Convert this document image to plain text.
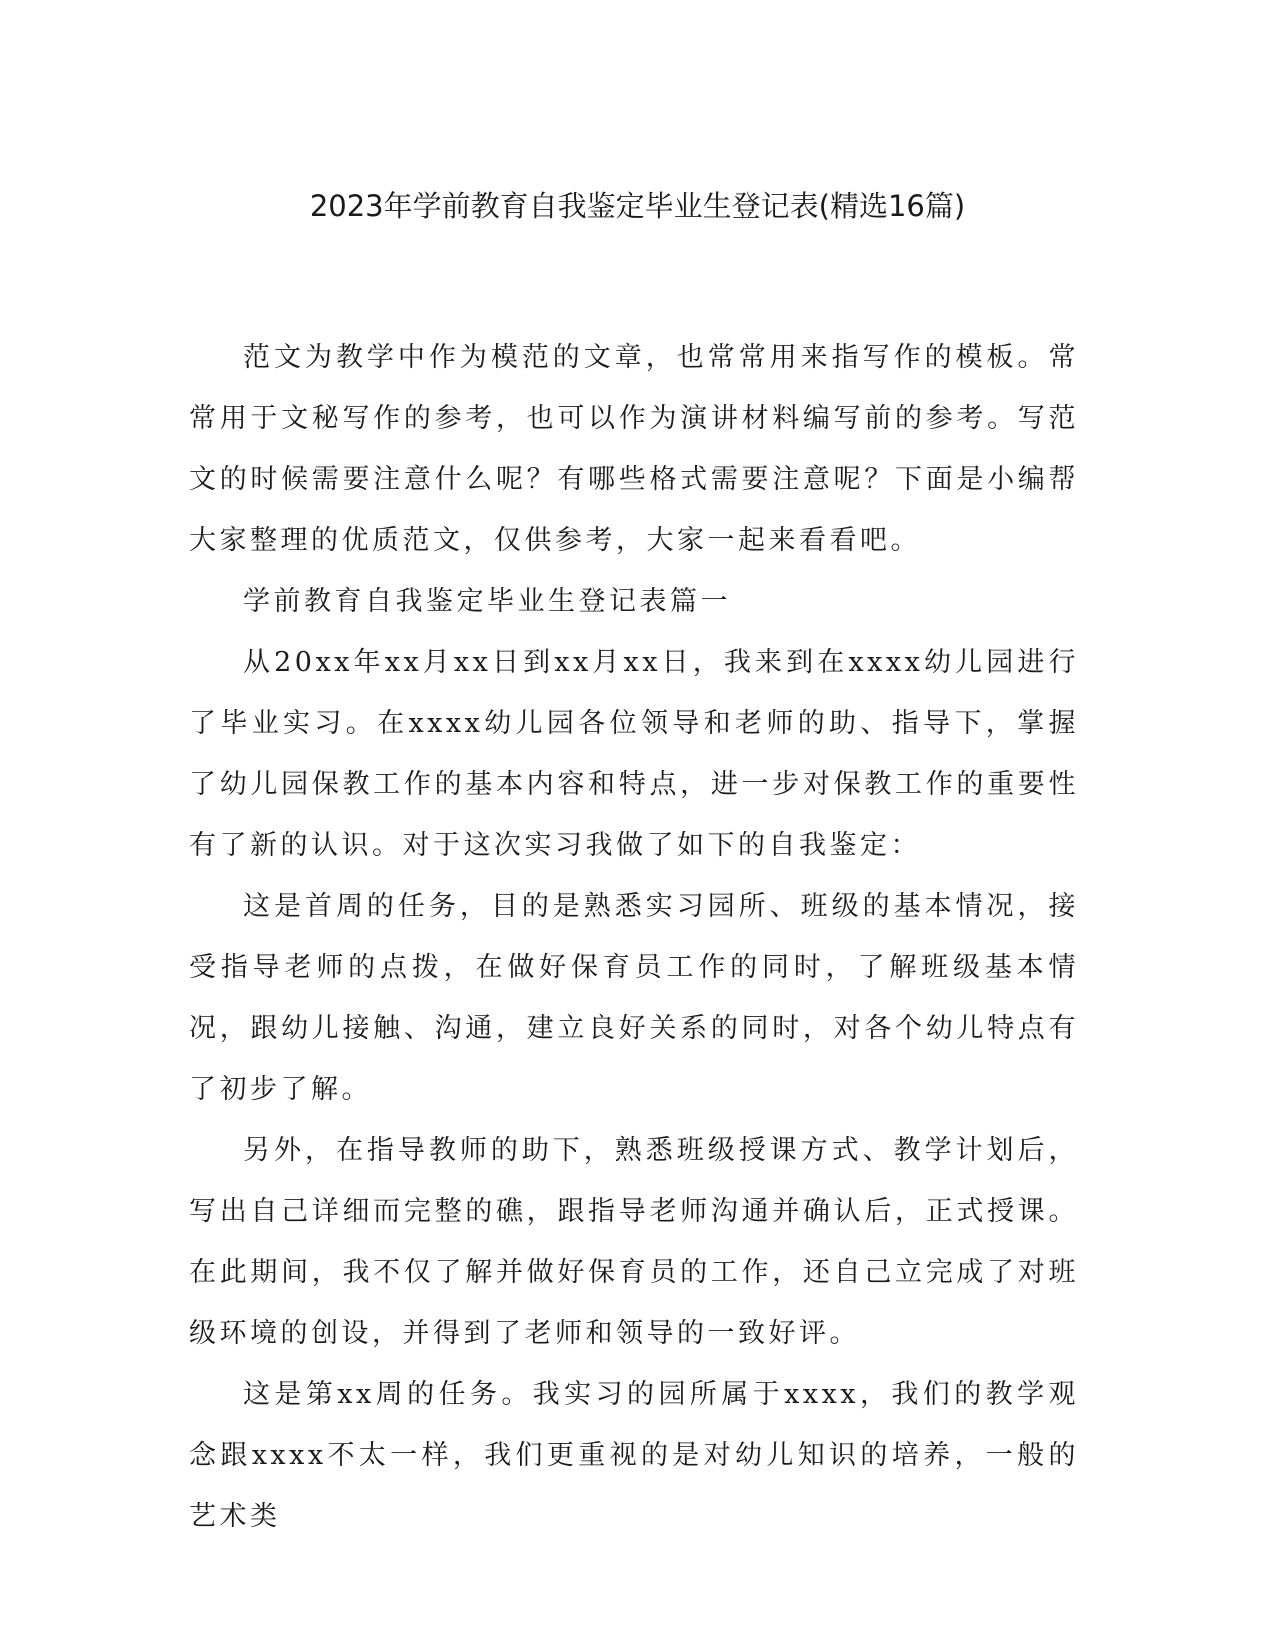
2023年学前教育自我鉴定毕业生登记表(精选16篇)

范文为教学中作为模范的文章，也常常用来指写作的模板。常常用于文秘写作的参考，也可以作为演讲材料编写前的参考。写范文的时候需要注意什么呢？有哪些格式需要注意呢？下面是小编帮大家整理的优质范文，仅供参考，大家一起来看看吧。

学前教育自我鉴定毕业生登记表篇一

从20xx年xx月xx日到xx月xx日，我来到在xxxx幼儿园进行了毕业实习。在xxxx幼儿园各位领导和老师的助、指导下，掌握了幼儿园保教工作的基本内容和特点，进一步对保教工作的重要性有了新的认识。对于这次实习我做了如下的自我鉴定：

这是首周的任务，目的是熟悉实习园所、班级的基本情况，接受指导老师的点拨，在做好保育员工作的同时，了解班级基本情况，跟幼儿接触、沟通，建立良好关系的同时，对各个幼儿特点有了初步了解。

另外，在指导教师的助下，熟悉班级授课方式、教学计划后，写出自己详细而完整的礁，跟指导老师沟通并确认后，正式授课。在此期间，我不仅了解并做好保育员的工作，还自己立完成了对班级环境的创设，并得到了老师和领导的一致好评。

这是第xx周的任务。我实习的园所属于xxxx，我们的教学观念跟xxxx不太一样，我们更重视的是对幼儿知识的培养，一般的艺术类
